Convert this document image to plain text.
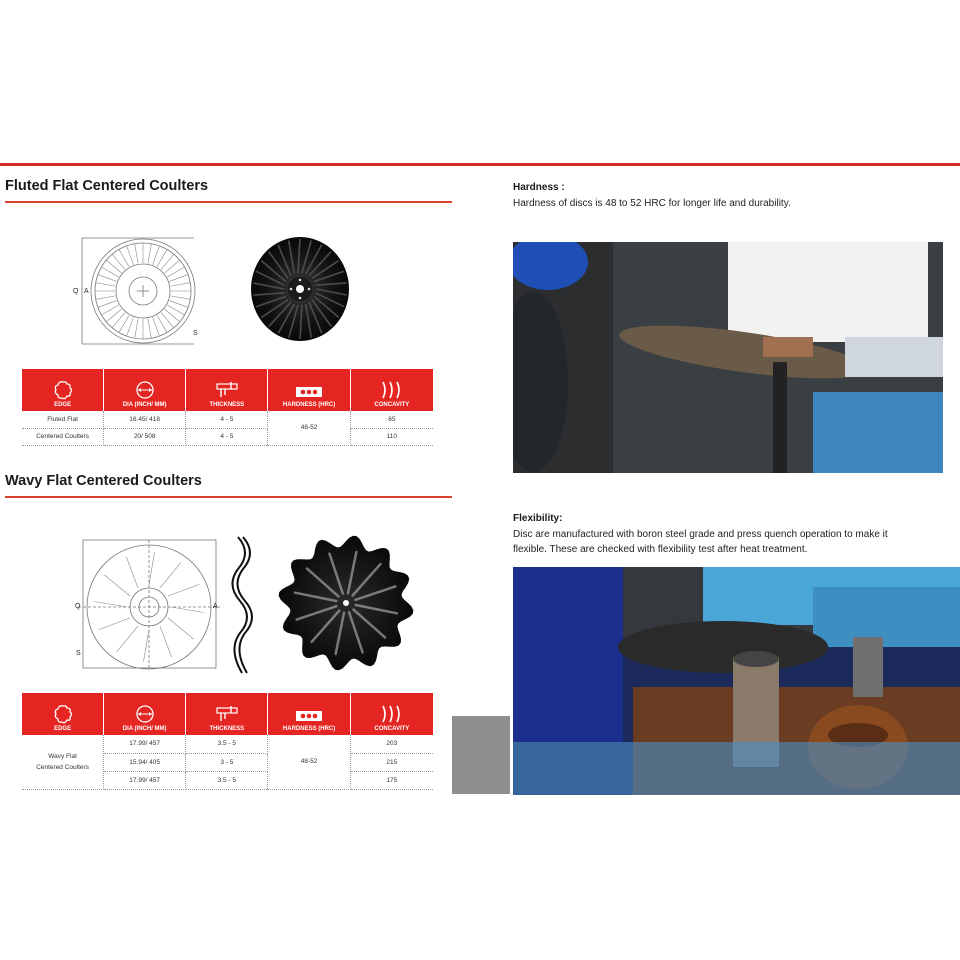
Fluted Flat Centered Coulters
Q A
S
EDGE	DIA (INCH/ MM)	THICKNESS	HARDNESS (HRC)	CONCAVITY

Fluted Flat	16.45/ 418	4 - 5	48-52	65
Centered Coulters	20/ 508	4 - 5		110
Wavy Flat Centered Coulters
Q	A
S
EDGE	DIA (INCH/ MM)	THICKNESS	HARDNESS (HRC)	CONCAVITY

Wavy Flat
Centered Coulters	17.99/ 457	3.5 - 5	48-52	203
	15.94/ 405	3 - 5		215
	17.99/ 457	3.5 - 5		175
Hardness :
Hardness of discs is 48 to 52 HRC for longer life and durability.
Flexibility:
Disc are manufactured with boron steel grade and press quench operation to make it
flexible. These are checked with flexibility test after heat treatment.
